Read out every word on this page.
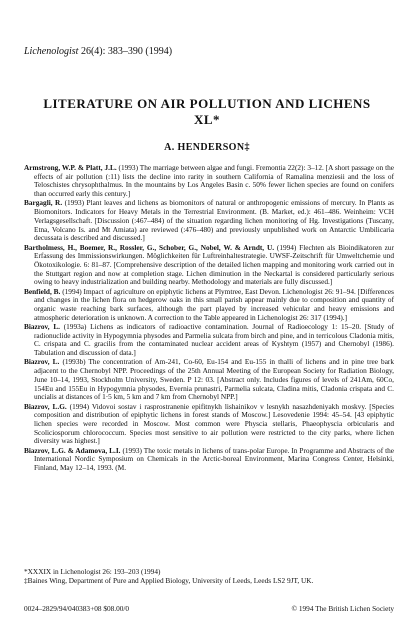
Lichenologist 26(4): 383–390 (1994)
LITERATURE ON AIR POLLUTION AND LICHENS
XL*
A. HENDERSON‡

Armstrong, W.P. & Platt, J.L. (1993) The marriage between algae and fungi. Fremontia 22(2): 3–12. [A short passage on the effects of air pollution (:11) lists the decline into rarity in southern California of Ramalina menziesii and the loss of Teloschistes chrysophthalmus. In the mountains by Los Angeles Basin c. 50% fewer lichen species are found on conifers than occurred early this century.]

Bargagli, R. (1993) Plant leaves and lichens as biomonitors of natural or anthropogenic emissions of mercury. In Plants as Biomonitors. Indicators for Heavy Metals in the Terrestrial Environment. (B. Market, ed.): 461–486. Weinheim: VCH Verlagsgesellschaft. [Discussion (:467–484) of the situation regarding lichen monitoring of Hg. Investigations (Tuscany, Etna, Volcano Is. and Mt Amiata) are reviewed (:476–480) and previously unpublished work on Antarctic Umbilicaria decussata is described and discussed.]

Bartholmess, H., Boemer, R., Rossler, G., Schober, G., Nobel, W. & Arndt, U. (1994) Flechten als Bioindikatoren zur Erfassung des Immissionswirkungen. Möglichkeiten für Luftreinhaltestrategie. UWSF-Zeitschrift für Umweltchemie und Ökotoxikologie. 6: 81–87. [Comprehensive description of the detailed lichen mapping and monitoring work carried out in the Stuttgart region and now at completion stage. Lichen diminution in the Neckartal is considered particularly serious owing to heavy industrialization and building nearby. Methodology and materials are fully discussed.]

Benfield, B. (1994) Impact of agriculture on epiphytic lichens at Plymtree, East Devon. Lichenologist 26: 91–94. [Differences and changes in the lichen flora on hedgerow oaks in this small parish appear mainly due to composition and quantity of organic waste reaching bark surfaces, although the part played by increased vehicular and heavy emissions and atmospheric deterioration is unknown. A correction to the Table appeared in Lichenologist 26: 317 (1994).]

Biazrov, L. (1993a) Lichens as indicators of radioactive contamination. Journal of Radioecology 1: 15–20. [Study of radionuclide activity in Hypogymnia physodes and Parmelia sulcata from birch and pine, and in terricolous Cladonia mitis, C. crispata and C. gracilis from the contaminated nuclear accident areas of Kyshtym (1957) and Chernobyl (1986). Tabulation and discussion of data.]

Biazrov, L. (1993b) The concentration of Am-241, Co-60, Eu-154 and Eu-155 in thalli of lichens and in pine tree bark adjacent to the Chernobyl NPP. Proceedings of the 25th Annual Meeting of the European Society for Radiation Biology, June 10–14, 1993, Stockholm University, Sweden. P 12: 03. [Abstract only. Includes figures of levels of 241Am, 60Co, 154Eu and 155Eu in Hypogymnia physodes, Evernia prunastri, Parmelia sulcata, Cladina mitis, Cladonia crispata and C. uncialis at distances of 1·5 km, 5 km and 7 km from Chernobyl NPP.]

Biazrov, L.G. (1994) Vidovoi sostav i rasprostranenie epifitnykh lishainikov v lesnykh nasazhdeniyakh moskvy. [Species composition and distribution of epiphytic lichens in forest stands of Moscow.] Lesovedenie 1994: 45–54. [43 epiphytic lichen species were recorded in Moscow. Most common were Physcia stellaris, Phaeophyscia orbicularis and Scoliciosporum chlorococcum. Species most sensitive to air pollution were restricted to the city parks, where lichen diversity was highest.]

Biazrov, L.G. & Adamova, L.I. (1993) The toxic metals in lichens of trans-polar Europe. In Programme and Abstracts of the International Nordic Symposium on Chemicals in the Arctic-boreal Environment, Marina Congress Center, Helsinki, Finland, May 12–14, 1993. (M.

*XXXIX in Lichenologist 26: 193–203 (1994)
‡Baines Wing, Department of Pure and Applied Biology, University of Leeds, Leeds LS2 9JT, UK.
0024–2829/94/040383+08 $08.00/0	© 1994 The British Lichen Society
